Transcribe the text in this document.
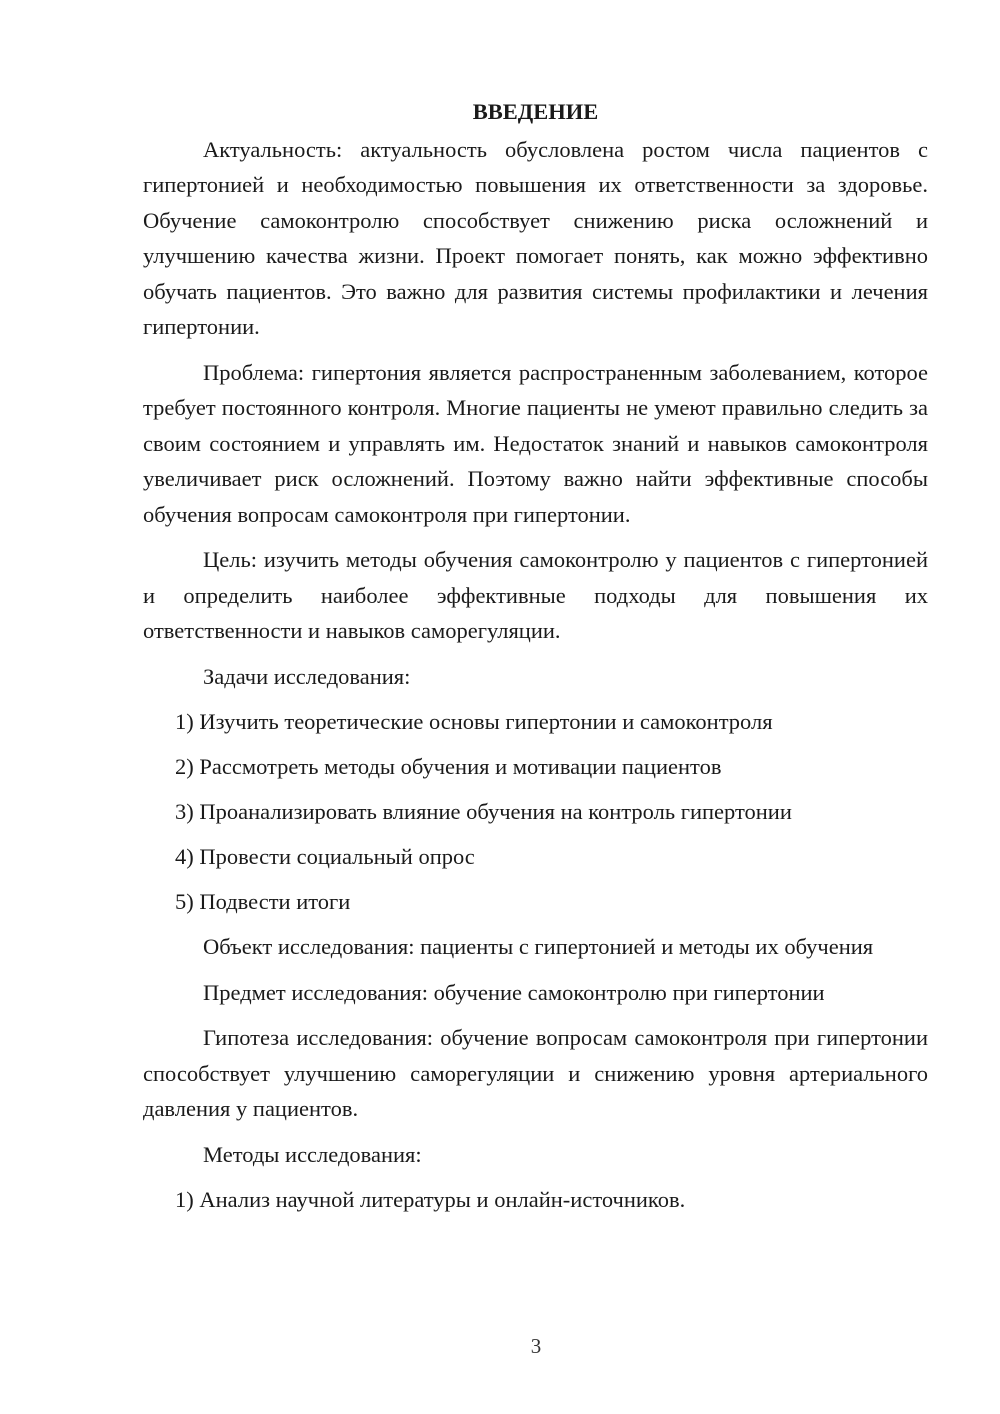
ВВЕДЕНИЕ

Актуальность: актуальность обусловлена ростом числа пациентов с гипертонией и необходимостью повышения их ответственности за здоровье. Обучение самоконтролю способствует снижению риска осложнений и улучшению качества жизни. Проект помогает понять, как можно эффективно обучать пациентов. Это важно для развития системы профилактики и лечения гипертонии.

Проблема: гипертония является распространенным заболеванием, которое требует постоянного контроля. Многие пациенты не умеют правильно следить за своим состоянием и управлять им. Недостаток знаний и навыков самоконтроля увеличивает риск осложнений. Поэтому важно найти эффективные способы обучения вопросам самоконтроля при гипертонии.

Цель: изучить методы обучения самоконтролю у пациентов с гипертонией и определить наиболее эффективные подходы для повышения их ответственности и навыков саморегуляции.

Задачи исследования:

1) Изучить теоретические основы гипертонии и самоконтроля
2) Рассмотреть методы обучения и мотивации пациентов
3) Проанализировать влияние обучения на контроль гипертонии
4) Провести социальный опрос
5) Подвести итоги

Объект исследования: пациенты с гипертонией и методы их обучения

Предмет исследования: обучение самоконтролю при гипертонии

Гипотеза исследования: обучение вопросам самоконтроля при гипертонии способствует улучшению саморегуляции и снижению уровня артериального давления у пациентов.

Методы исследования:

1) Анализ научной литературы и онлайн-источников.
3
